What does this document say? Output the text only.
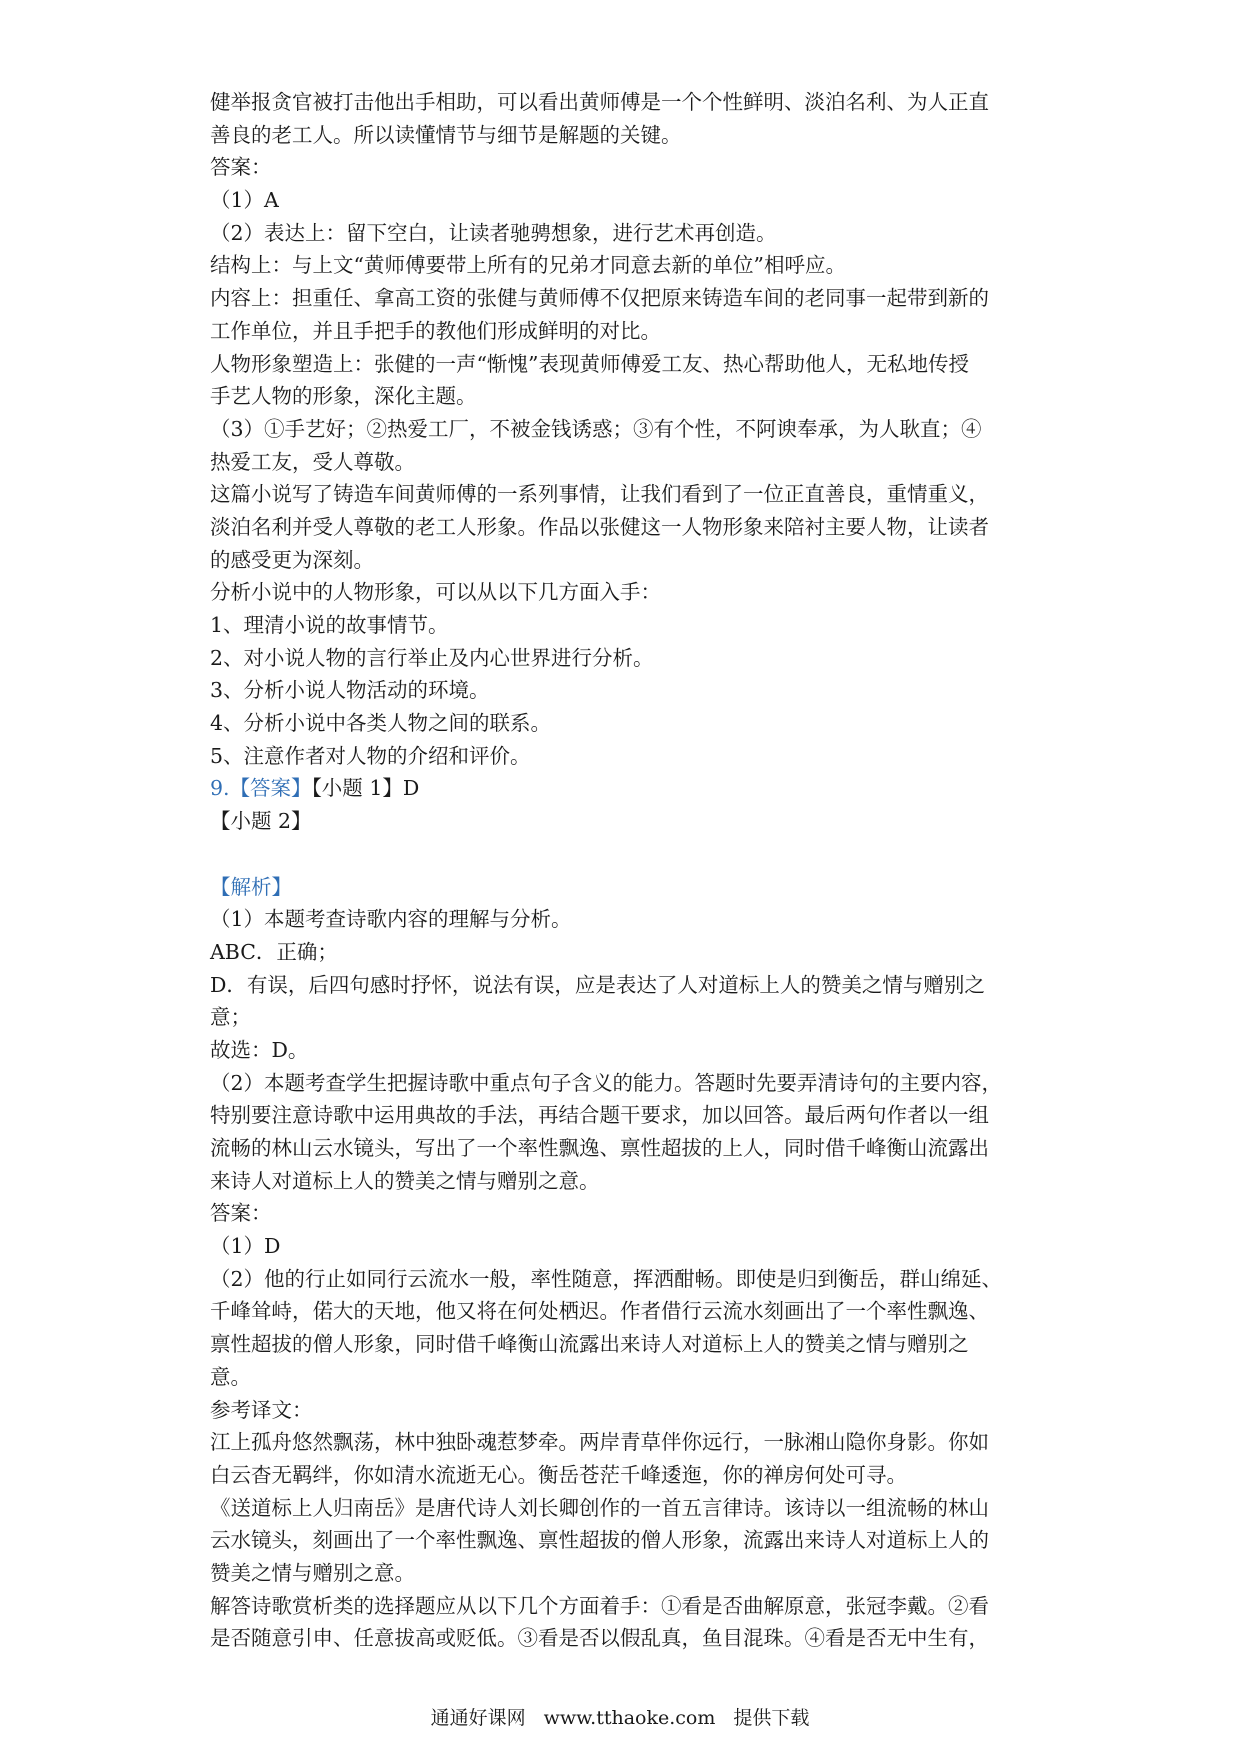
健举报贪官被打击他出手相助，可以看出黄师傅是一个个性鲜明、淡泊名利、为人正直
善良的老工人。所以读懂情节与细节是解题的关键。
答案：
（1）A
（2）表达上：留下空白，让读者驰骋想象，进行艺术再创造。
结构上：与上文“黄师傅要带上所有的兄弟才同意去新的单位”相呼应。
内容上：担重任、拿高工资的张健与黄师傅不仅把原来铸造车间的老同事一起带到新的
工作单位，并且手把手的教他们形成鲜明的对比。
人物形象塑造上：张健的一声“惭愧”表现黄师傅爱工友、热心帮助他人，无私地传授
手艺人物的形象，深化主题。
（3）①手艺好；②热爱工厂，不被金钱诱惑；③有个性，不阿谀奉承，为人耿直；④
热爱工友，受人尊敬。
这篇小说写了铸造车间黄师傅的一系列事情，让我们看到了一位正直善良，重情重义，
淡泊名利并受人尊敬的老工人形象。作品以张健这一人物形象来陪衬主要人物，让读者
的感受更为深刻。
分析小说中的人物形象，可以从以下几方面入手：
1、理清小说的故事情节。
2、对小说人物的言行举止及内心世界进行分析。
3、分析小说人物活动的环境。
4、分析小说中各类人物之间的联系。
5、注意作者对人物的介绍和评价。
9.【答案】【小题 1】D
【小题 2】
【解析】
（1）本题考查诗歌内容的理解与分析。
ABC．正确；
D．有误，后四句感时抒怀，说法有误，应是表达了人对道标上人的赞美之情与赠别之
意；
故选：D。
（2）本题考查学生把握诗歌中重点句子含义的能力。答题时先要弄清诗句的主要内容，
特别要注意诗歌中运用典故的手法，再结合题干要求，加以回答。最后两句作者以一组
流畅的林山云水镜头，写出了一个率性飘逸、禀性超拔的上人，同时借千峰衡山流露出
来诗人对道标上人的赞美之情与赠别之意。
答案：
（1）D
（2）他的行止如同行云流水一般，率性随意，挥洒酣畅。即使是归到衡岳，群山绵延、
千峰耸峙，偌大的天地，他又将在何处栖迟。作者借行云流水刻画出了一个率性飘逸、
禀性超拔的僧人形象，同时借千峰衡山流露出来诗人对道标上人的赞美之情与赠别之
意。
参考译文：
江上孤舟悠然飘荡，林中独卧魂惹梦牵。两岸青草伴你远行，一脉湘山隐你身影。你如
白云杳无羁绊，你如清水流逝无心。衡岳苍茫千峰逶迤，你的禅房何处可寻。
《送道标上人归南岳》是唐代诗人刘长卿创作的一首五言律诗。该诗以一组流畅的林山
云水镜头，刻画出了一个率性飘逸、禀性超拔的僧人形象，流露出来诗人对道标上人的
赞美之情与赠别之意。
解答诗歌赏析类的选择题应从以下几个方面着手：①看是否曲解原意，张冠李戴。②看
是否随意引申、任意拔高或贬低。③看是否以假乱真，鱼目混珠。④看是否无中生有，
通通好课网 www.tthaoke.com 提供下载
